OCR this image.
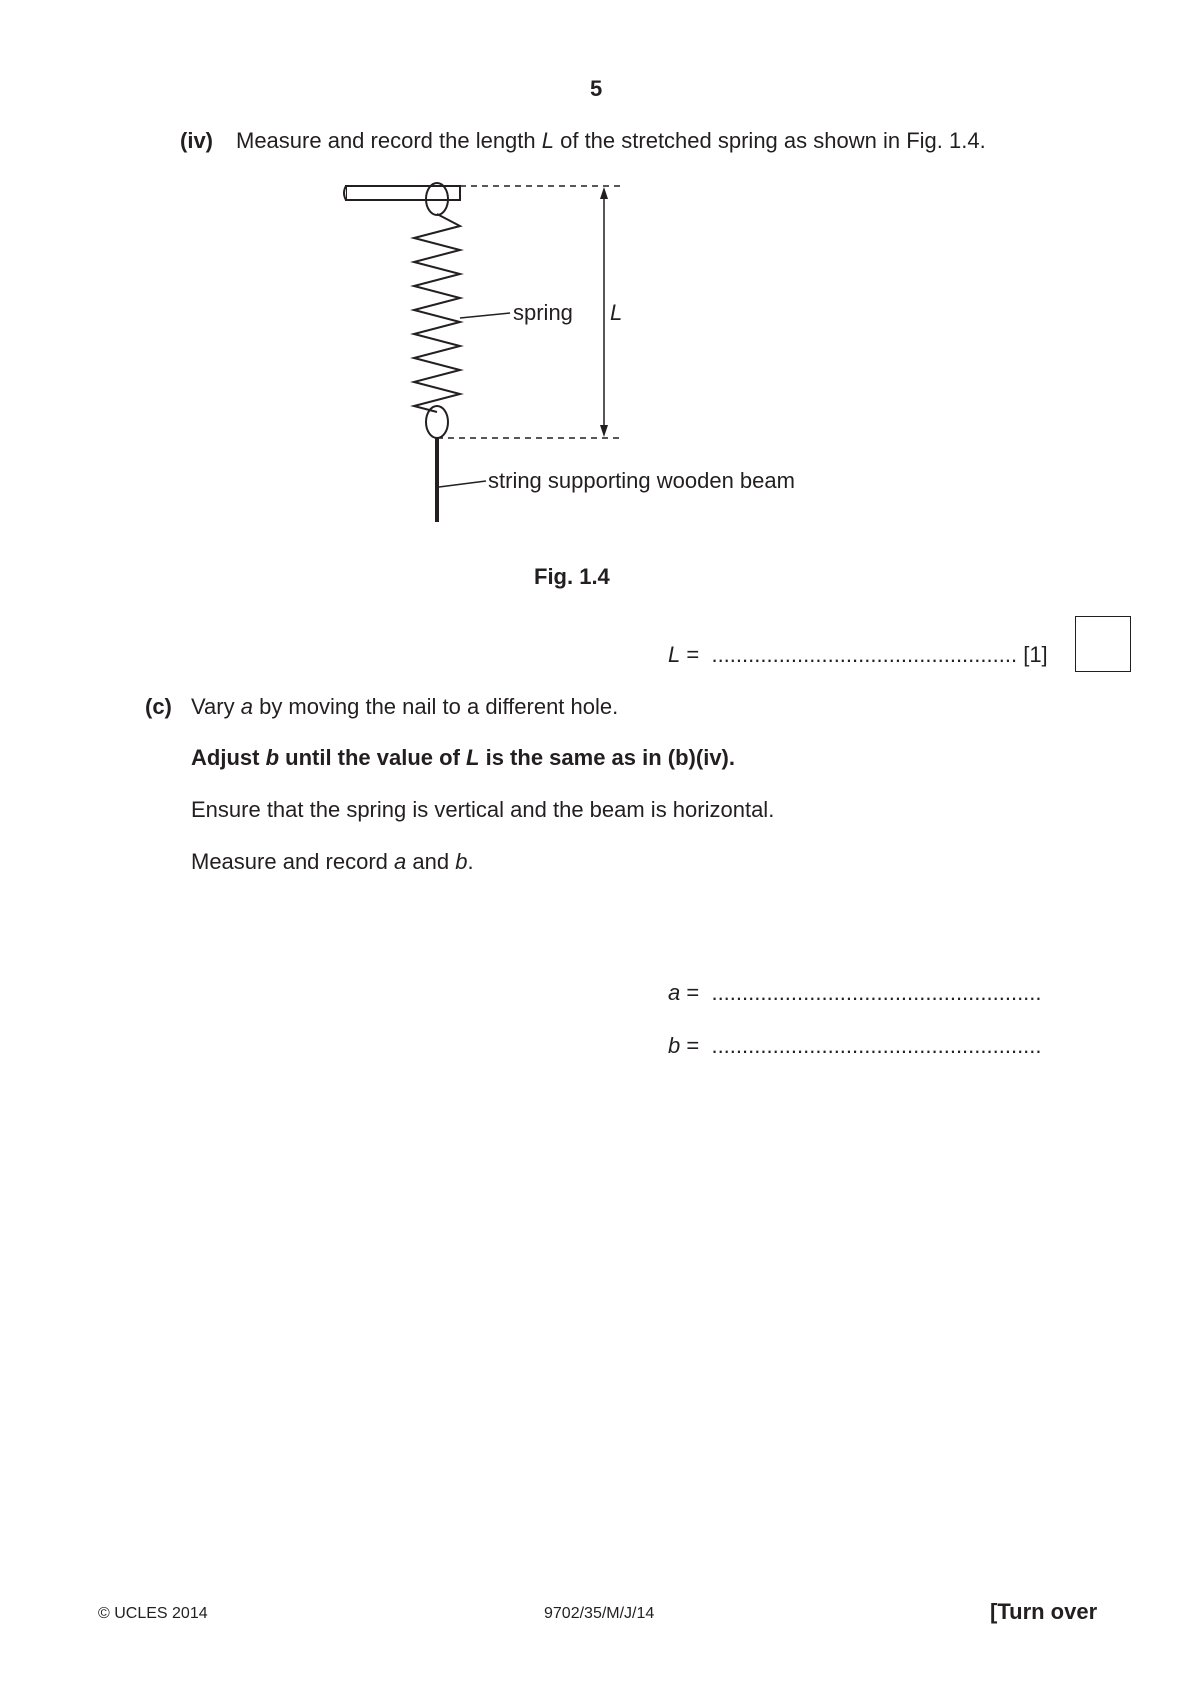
5
(iv) Measure and record the length L of the stretched spring as shown in Fig. 1.4.
spring L
string supporting wooden beam
Fig. 1.4
L = .................................................. [1]
(c) Vary a by moving the nail to a different hole.
Adjust b until the value of L is the same as in (b)(iv).
Ensure that the spring is vertical and the beam is horizontal.
Measure and record a and b.
a = ......................................................
b = ......................................................
© UCLES 2014	9702/35/M/J/14	[Turn over
